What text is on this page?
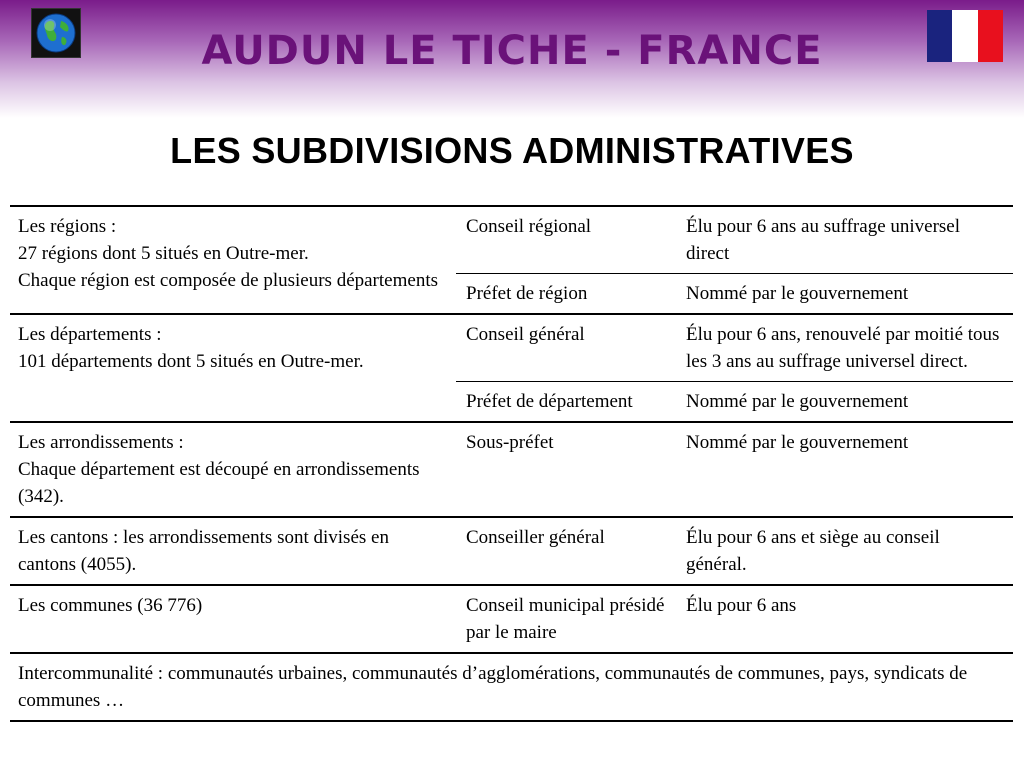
AUDUN LE TICHE - FRANCE
LES SUBDIVISIONS ADMINISTRATIVES
Les régions :
27 régions dont 5 situés en Outre-mer.
Chaque région est composée de plusieurs départements	Conseil régional	Élu pour 6 ans au suffrage universel direct
	Préfet de région	Nommé par le gouvernement

Les départements :
101 départements dont 5 situés en Outre-mer.	Conseil général	Élu pour 6 ans, renouvelé par moitié tous les 3 ans au suffrage universel direct.
	Préfet de département	Nommé par le gouvernement

Les arrondissements :
Chaque département est découpé en arrondissements (342).	Sous-préfet	Nommé par le gouvernement
Les cantons : les arrondissements sont divisés en cantons (4055).	Conseiller général	Élu pour 6 ans et siège au conseil général.
Les communes (36 776)	Conseil municipal présidé par le maire	Élu pour 6 ans
Intercommunalité : communautés urbaines, communautés d’agglomérations, communautés de communes, pays, syndicats de communes …		
